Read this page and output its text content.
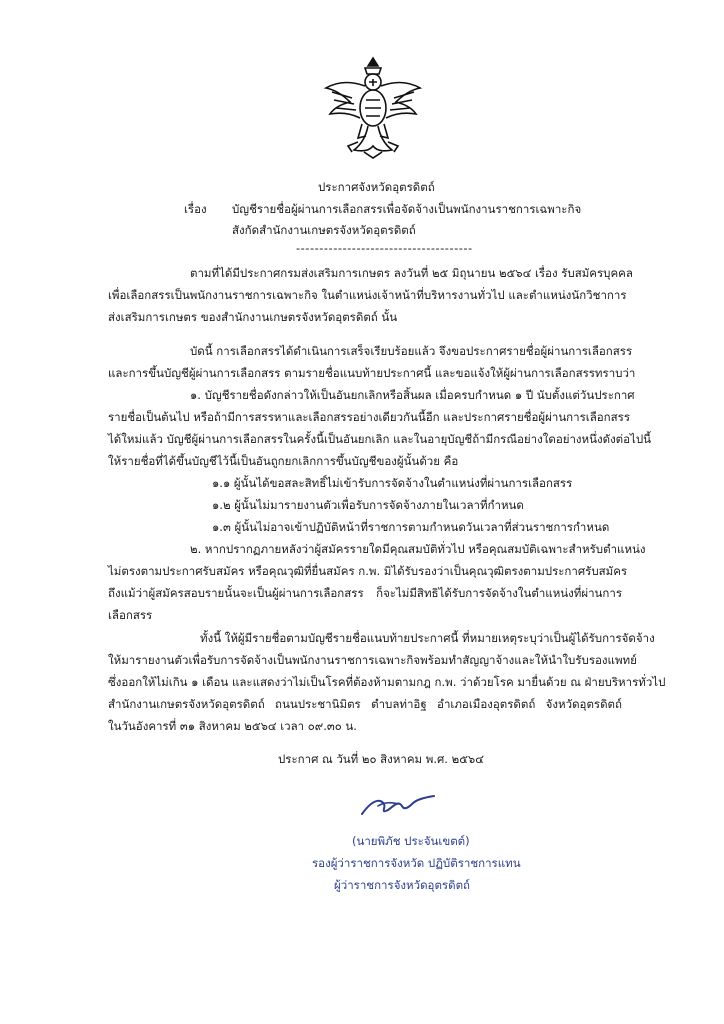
ประกาศจังหวัดอุตรดิตถ์
เรื่อง บัญชีรายชื่อผู้ผ่านการเลือกสรรเพื่อจัดจ้างเป็นพนักงานราชการเฉพาะกิจ
สังกัดสำนักงานเกษตรจังหวัดอุตรดิตถ์
--------------------------------------
ตามที่ได้มีประกาศกรมส่งเสริมการเกษตร ลงวันที่ ๒๕ มิถุนายน ๒๕๖๔ เรื่อง รับสมัครบุคคล
เพื่อเลือกสรรเป็นพนักงานราชการเฉพาะกิจ ในตำแหน่งเจ้าหน้าที่บริหารงานทั่วไป และตำแหน่งนักวิชาการ
ส่งเสริมการเกษตร ของสำนักงานเกษตรจังหวัดอุตรดิตถ์ นั้น
บัดนี้ การเลือกสรรได้ดำเนินการเสร็จเรียบร้อยแล้ว จึงขอประกาศรายชื่อผู้ผ่านการเลือกสรร
และการขึ้นบัญชีผู้ผ่านการเลือกสรร ตามรายชื่อแนบท้ายประกาศนี้ และขอแจ้งให้ผู้ผ่านการเลือกสรรทราบว่า
๑. บัญชีรายชื่อดังกล่าวให้เป็นอันยกเลิกหรือสิ้นผล เมื่อครบกำหนด ๑ ปี นับตั้งแต่วันประกาศ
รายชื่อเป็นต้นไป หรือถ้ามีการสรรหาและเลือกสรรอย่างเดียวกันนี้อีก และประกาศรายชื่อผู้ผ่านการเลือกสรร
ได้ใหม่แล้ว บัญชีผู้ผ่านการเลือกสรรในครั้งนี้เป็นอันยกเลิก และในอายุบัญชีถ้ามีกรณีอย่างใดอย่างหนึ่งดังต่อไปนี้
ให้รายชื่อที่ได้ขึ้นบัญชีไว้นี้เป็นอันถูกยกเลิกการขึ้นบัญชีของผู้นั้นด้วย คือ
๑.๑ ผู้นั้นได้ขอสละสิทธิ์ไม่เข้ารับการจัดจ้างในตำแหน่งที่ผ่านการเลือกสรร
๑.๒ ผู้นั้นไม่มารายงานตัวเพื่อรับการจัดจ้างภายในเวลาที่กำหนด
๑.๓ ผู้นั้นไม่อาจเข้าปฏิบัติหน้าที่ราชการตามกำหนดวันเวลาที่ส่วนราชการกำหนด
๒. หากปรากฏภายหลังว่าผู้สมัครรายใดมีคุณสมบัติทั่วไป หรือคุณสมบัติเฉพาะสำหรับตำแหน่ง
ไม่ตรงตามประกาศรับสมัคร หรือคุณวุฒิที่ยื่นสมัคร ก.พ. มิได้รับรองว่าเป็นคุณวุฒิตรงตามประกาศรับสมัคร
ถึงแม้ว่าผู้สมัครสอบรายนั้นจะเป็นผู้ผ่านการเลือกสรร ก็จะไม่มีสิทธิได้รับการจัดจ้างในตำแหน่งที่ผ่านการ
เลือกสรร
ทั้งนี้ ให้ผู้มีรายชื่อตามบัญชีรายชื่อแนบท้ายประกาศนี้ ที่หมายเหตุระบุว่าเป็นผู้ได้รับการจัดจ้าง
ให้มารายงานตัวเพื่อรับการจัดจ้างเป็นพนักงานราชการเฉพาะกิจพร้อมทำสัญญาจ้างและให้นำใบรับรองแพทย์
ซึ่งออกให้ไม่เกิน ๑ เดือน และแสดงว่าไม่เป็นโรคที่ต้องห้ามตามกฎ ก.พ. ว่าด้วยโรค มายื่นด้วย ณ ฝ่ายบริหารทั่วไป
สำนักงานเกษตรจังหวัดอุตรดิตถ์ ถนนประชานิมิตร ตำบลท่าอิฐ อำเภอเมืองอุตรดิตถ์ จังหวัดอุตรดิตถ์
ในวันอังคารที่ ๓๑ สิงหาคม ๒๕๖๔ เวลา ๐๙.๓๐ น.
ประกาศ ณ วันที่ ๒๐ สิงหาคม พ.ศ. ๒๕๖๔
(นายพิภัช ประจันเขตต์)
รองผู้ว่าราชการจังหวัด ปฏิบัติราชการแทน
ผู้ว่าราชการจังหวัดอุตรดิตถ์
